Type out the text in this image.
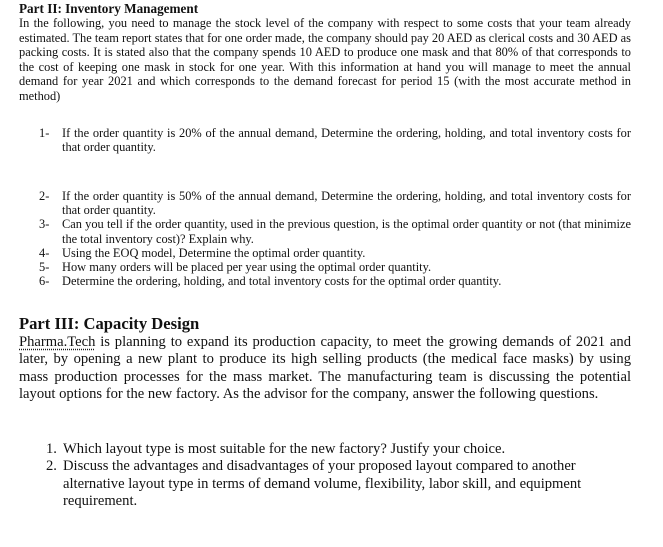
Part II: Inventory Management
In the following, you need to manage the stock level of the company with respect to some costs that your team already estimated. The team report states that for one order made, the company should pay 20 AED as clerical costs and 30 AED as packing costs. It is stated also that the company spends 10 AED to produce one mask and that 80% of that corresponds to the cost of keeping one mask in stock for one year. With this information at hand you will manage to meet the annual demand for year 2021 and which corresponds to the demand forecast for period 15 (with the most accurate method in method)
1- If the order quantity is 20% of the annual demand, Determine the ordering, holding, and total inventory costs for that order quantity.
2- If the order quantity is 50% of the annual demand, Determine the ordering, holding, and total inventory costs for that order quantity.
3- Can you tell if the order quantity, used in the previous question, is the optimal order quantity or not (that minimize the total inventory cost)? Explain why.
4- Using the EOQ model, Determine the optimal order quantity.
5- How many orders will be placed per year using the optimal order quantity.
6- Determine the ordering, holding, and total inventory costs for the optimal order quantity.
Part III: Capacity Design
Pharma.Tech is planning to expand its production capacity, to meet the growing demands of 2021 and later, by opening a new plant to produce its high selling products (the medical face masks) by using mass production processes for the mass market. The manufacturing team is discussing the potential layout options for the new factory. As the advisor for the company, answer the following questions.
1. Which layout type is most suitable for the new factory? Justify your choice.
2. Discuss the advantages and disadvantages of your proposed layout compared to another alternative layout type in terms of demand volume, flexibility, labor skill, and equipment requirement.
